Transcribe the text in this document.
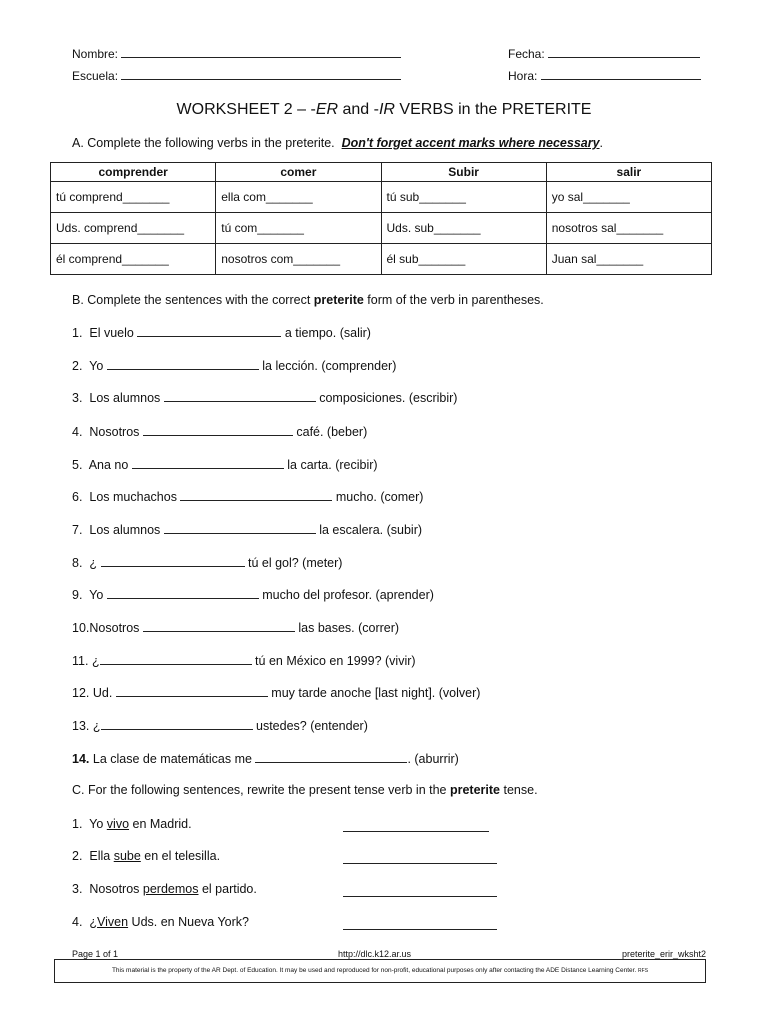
Nombre:
Escuela:
Fecha:
Hora:
WORKSHEET 2 – -ER and -IR VERBS in the PRETERITE
A. Complete the following verbs in the preterite. Don't forget accent marks where necessary.
comprender	comer	Subir	salir
tú comprend_______	ella com_______	tú sub_______	yo sal_______
Uds. comprend_______	tú com_______	Uds. sub_______	nosotros sal_______
él comprend_______	nosotros com_______	él sub_______	Juan sal_______
B. Complete the sentences with the correct preterite form of the verb in parentheses.
1. El vuelo	a tiempo. (salir)
2. Yo	la lección. (comprender)
3. Los alumnos	composiciones. (escribir)
4. Nosotros	café. (beber)
5. Ana no	la carta. (recibir)
6. Los muchachos	mucho. (comer)
7. Los alumnos	la escalera. (subir)
8. ¿	tú el gol? (meter)
9. Yo	mucho del profesor. (aprender)
10.Nosotros	las bases. (correr)
11. ¿	tú en México en 1999? (vivir)
12. Ud.	muy tarde anoche [last night]. (volver)
13. ¿	ustedes? (entender)
14. La clase de matemáticas me	. (aburrir)
C. For the following sentences, rewrite the present tense verb in the preterite tense.
1. Yo vivo en Madrid.
2. Ella sube en el telesilla.
3. Nosotros perdemos el partido.
4. ¿Viven Uds. en Nueva York?
Page 1 of 1	http://dlc.k12.ar.us	preterite_erir_wksht2
This material is the property of the AR Dept. of Education. It may be used and reproduced for non-profit, educational purposes only after contacting the ADE Distance Learning Center. RFS
